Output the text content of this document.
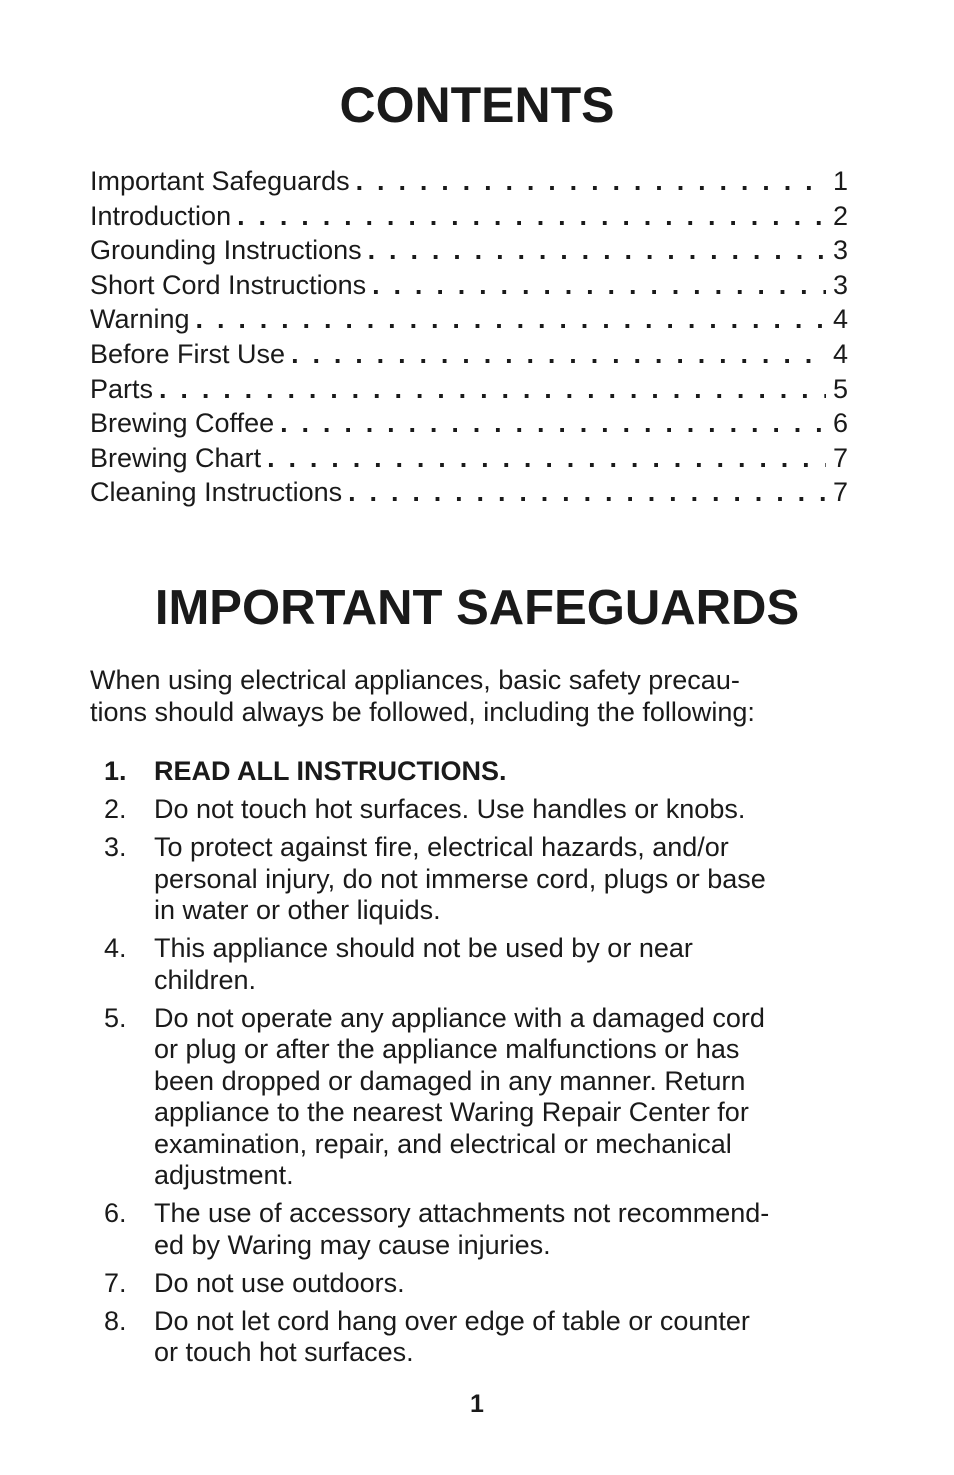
CONTENTS
Important Safeguards . . .	1
Introduction . . .	2
Grounding Instructions . . .	3
Short Cord Instructions . . .	3
Warning . . .	4
Before First Use . . .	4
Parts . . .	5
Brewing Coffee . . .	6
Brewing Chart . . .	7
Cleaning Instructions . . .	7
IMPORTANT SAFEGUARDS

When using electrical appliances, basic safety precau-
tions should always be followed, including the following:

1.	READ ALL INSTRUCTIONS.
2.	Do not touch hot surfaces. Use handles or knobs.
3.	To protect against fire, electrical hazards, and/or
personal injury, do not immerse cord, plugs or base
in water or other liquids.
4.	This appliance should not be used by or near
children.
5.	Do not operate any appliance with a damaged cord
or plug or after the appliance malfunctions or has
been dropped or damaged in any manner. Return
appliance to the nearest Waring Repair Center for
examination, repair, and electrical or mechanical
adjustment.
6.	The use of accessory attachments not recommend-
ed by Waring may cause injuries.
7.	Do not use outdoors.
8.	Do not let cord hang over edge of table or counter
or touch hot surfaces.
1
